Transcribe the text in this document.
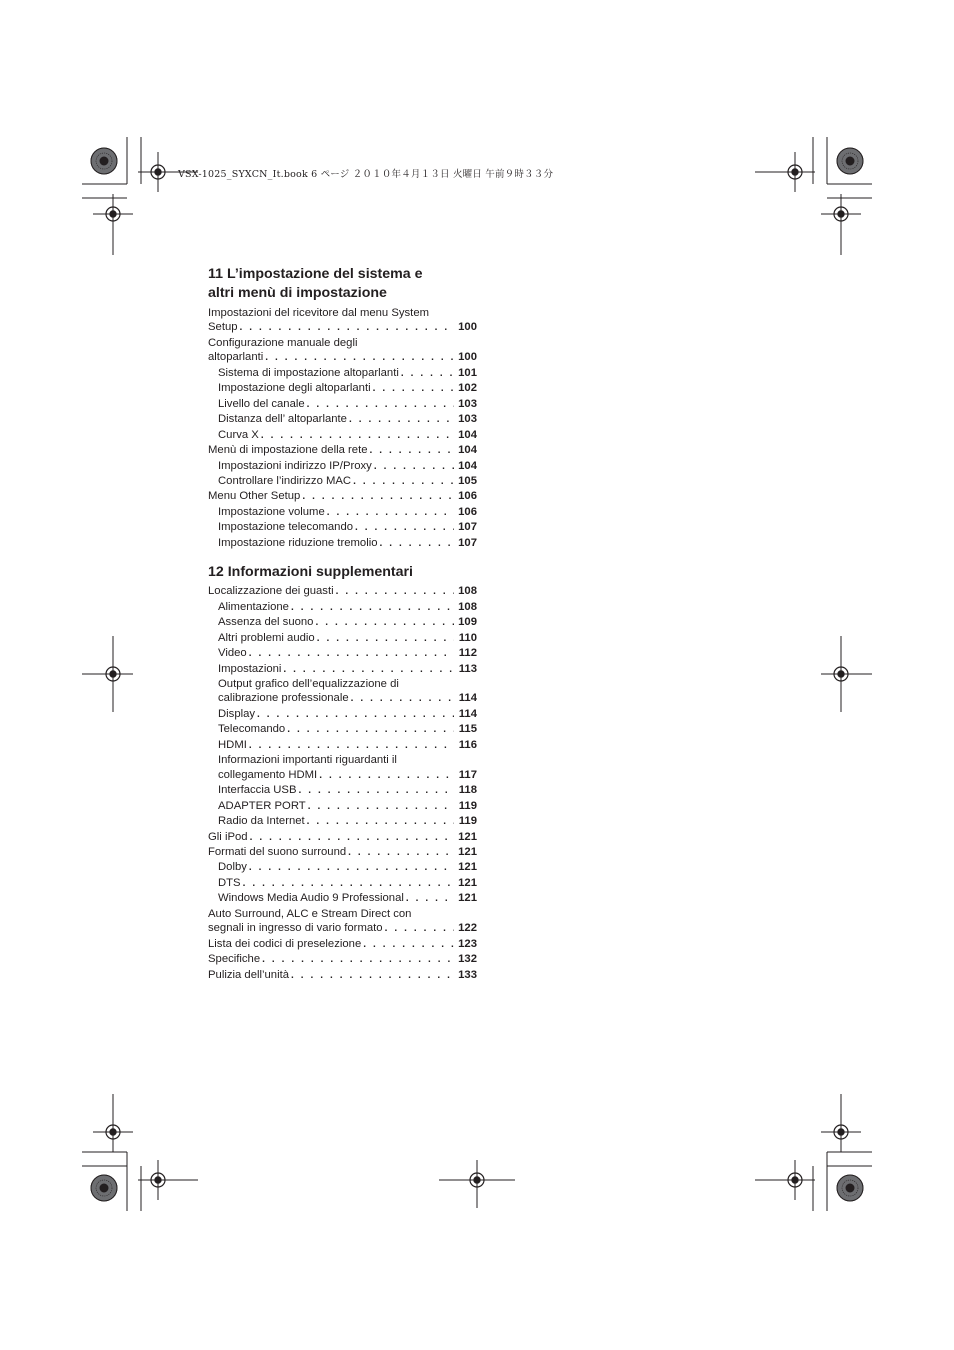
VSX-1025_SYXCN_It.book 6 ページ ２０１０年４月１３日 火曜日 午前９時３３分
11 L’impostazione del sistema e
altri menù di impostazione
Impostazioni del ricevitore dal menu System
Setup . . .	100
Configurazione manuale degli
altoparlanti . . .	100
Sistema di impostazione altoparlanti . . .	101
Impostazione degli altoparlanti . . .	102
Livello del canale . . .	103
Distanza dell’ altoparlante . . .	103
Curva X . . .	104
Menù di impostazione della rete . . .	104
Impostazioni indirizzo IP/Proxy . . .	104
Controllare l’indirizzo MAC . . .	105
Menu Other Setup . . .	106
Impostazione volume . . .	106
Impostazione telecomando . . .	107
Impostazione riduzione tremolio . . .	107
12 Informazioni supplementari
Localizzazione dei guasti . . .	108
Alimentazione . . .	108
Assenza del suono . . .	109
Altri problemi audio . . .	110
Video . . .	112
Impostazioni . . .	113
Output grafico dell’equalizzazione di
calibrazione professionale . . .	114
Display . . .	114
Telecomando . . .	115
HDMI . . .	116
Informazioni importanti riguardanti il
collegamento HDMI . . .	117
Interfaccia USB . . .	118
ADAPTER PORT . . .	119
Radio da Internet . . .	119
Gli iPod . . .	121
Formati del suono surround . . .	121
Dolby . . .	121
DTS . . .	121
Windows Media Audio 9 Professional . . .	121
Auto Surround, ALC e Stream Direct con
segnali in ingresso di vario formato . . .	122
Lista dei codici di preselezione . . .	123
Specifiche . . .	132
Pulizia dell’unità . . .	133
